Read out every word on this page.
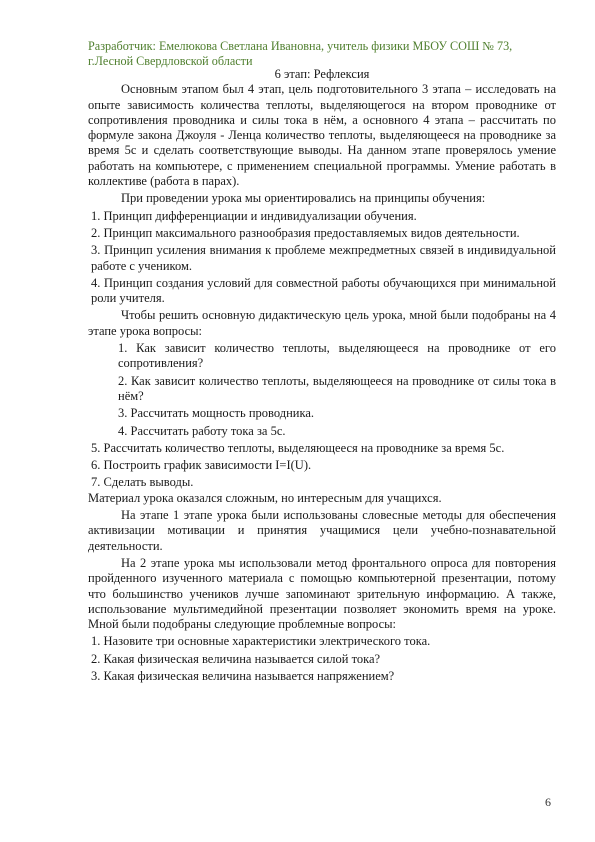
Разработчик: Емелюкова Светлана Ивановна, учитель физики МБОУ СОШ № 73, г.Лесной Свердловской области

6 этап: Рефлексия

Основным этапом был 4 этап, цель подготовительного 3 этапа – исследовать на опыте зависимость количества теплоты, выделяющегося на втором проводнике от сопротивления проводника и силы тока в нём, а основного 4 этапа – рассчитать по формуле закона Джоуля - Ленца количество теплоты, выделяющееся на проводнике за время 5с и сделать соответствующие выводы. На данном этапе проверялось умение работать на компьютере, с применением специальной программы. Умение работать в коллективе (работа в парах).

При проведении урока мы ориентировались на принципы обучения:

1. Принцип дифференциации и индивидуализации обучения.

2. Принцип максимального разнообразия предоставляемых видов деятельности.

3. Принцип усиления внимания к проблеме межпредметных связей в индивидуальной работе с учеником.

4. Принцип создания условий для совместной работы обучающихся при минимальной роли учителя.

Чтобы решить основную дидактическую цель урока, мной были подобраны на 4 этапе урока вопросы:

1. Как зависит количество теплоты, выделяющееся на проводнике от его сопротивления?

2. Как зависит количество теплоты, выделяющееся на проводнике от силы тока в нём?

3. Рассчитать мощность проводника.

4. Рассчитать работу тока за 5с.

5. Рассчитать количество теплоты, выделяющееся на проводнике за время 5с.

6. Построить график зависимости I=I(U).

7. Сделать выводы.

Материал урока оказался сложным, но интересным для учащихся.

На этапе 1 этапе урока были использованы словесные методы для обеспечения активизации мотивации и принятия учащимися цели учебно-познавательной деятельности.

На 2 этапе урока мы использовали метод фронтального опроса для повторения пройденного изученного материала с помощью компьютерной презентации, потому что большинство учеников лучше запоминают зрительную информацию. А также, использование мультимедийной презентации позволяет экономить время на уроке. Мной были подобраны следующие проблемные вопросы:

1. Назовите три основные характеристики электрического тока.

2. Какая физическая величина называется силой тока?

3. Какая физическая величина называется напряжением?

6
